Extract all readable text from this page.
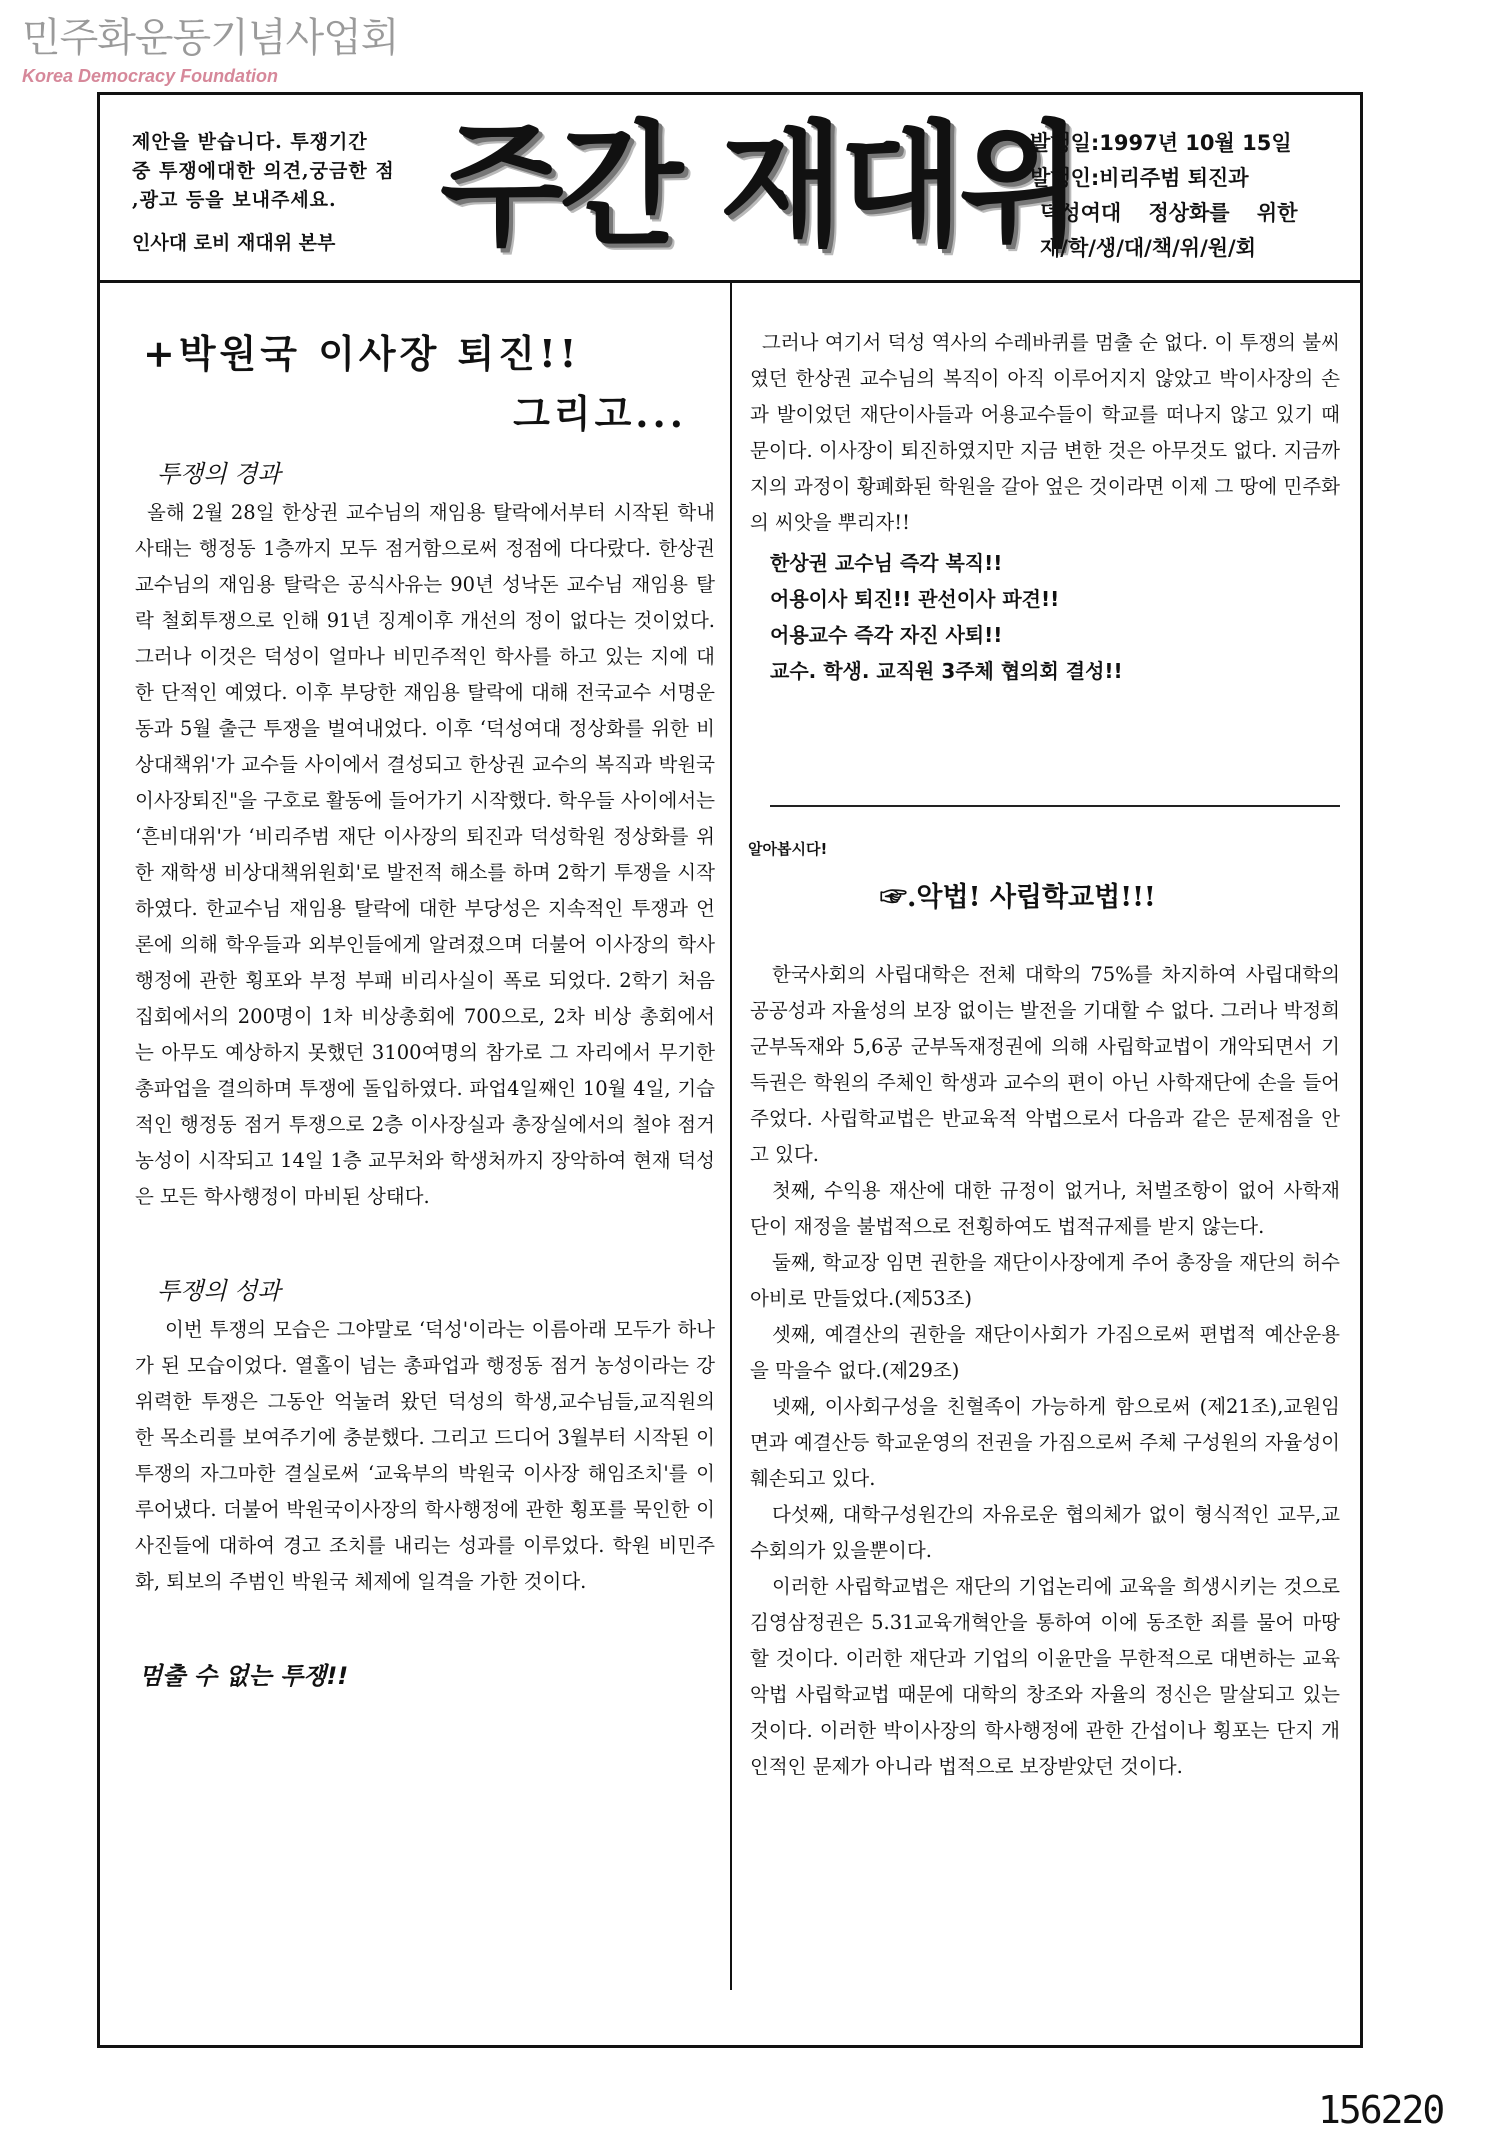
민주화운동기념사업회
Korea Democracy Foundation
제안을 받습니다. 투쟁기간
중 투쟁에대한 의견,궁금한 점
,광고 등을 보내주세요.
인사대 로비 재대위 본부 주간 재대위
발행일:1997년 10월 15일
발행인:비리주범 퇴진과
덕성여대 정상화를 위한
재/학/생/대/책/위/원/회
+박원국 이사장 퇴진!!
그리고...
투쟁의 경과

올해 2월 28일 한상권 교수님의 재임용 탈락에서부터 시작된 학내 사태는 행정동 1층까지 모두 점거함으로써 정점에 다다랐다. 한상권 교수님의 재임용 탈락은 공식사유는 90년 성낙돈 교수님 재임용 탈락 철회투쟁으로 인해 91년 징계이후 개선의 정이 없다는 것이었다. 그러나 이것은 덕성이 얼마나 비민주적인 학사를 하고 있는 지에 대한 단적인 예였다. 이후 부당한 재임용 탈락에 대해 전국교수 서명운동과 5월 출근 투쟁을 벌여내었다. 이후 ‘덕성여대 정상화를 위한 비상대책위'가 교수들 사이에서 결성되고 한상권 교수의 복직과 박원국 이사장퇴진"을 구호로 활동에 들어가기 시작했다. 학우들 사이에서는 ‘흔비대위'가 ‘비리주범 재단 이사장의 퇴진과 덕성학원 정상화를 위한 재학생 비상대책위원회'로 발전적 해소를 하며 2학기 투쟁을 시작하였다. 한교수님 재임용 탈락에 대한 부당성은 지속적인 투쟁과 언론에 의해 학우들과 외부인들에게 알려졌으며 더불어 이사장의 학사행정에 관한 횡포와 부정 부패 비리사실이 폭로 되었다. 2학기 처음 집회에서의 200명이 1차 비상총회에 700으로, 2차 비상 총회에서는 아무도 예상하지 못했던 3100여명의 참가로 그 자리에서 무기한 총파업을 결의하며 투쟁에 돌입하였다. 파업4일째인 10월 4일, 기습적인 행정동 점거 투쟁으로 2층 이사장실과 총장실에서의 철야 점거 농성이 시작되고 14일 1층 교무처와 학생처까지 장악하여 현재 덕성은 모든 학사행정이 마비된 상태다.

투쟁의 성과

이번 투쟁의 모습은 그야말로 ‘덕성'이라는 이름아래 모두가 하나가 된 모습이었다. 열홀이 넘는 총파업과 행정동 점거 농성이라는 강위력한 투쟁은 그동안 억눌려 왔던 덕성의 학생,교수님들,교직원의 한 목소리를 보여주기에 충분했다. 그리고 드디어 3월부터 시작된 이 투쟁의 자그마한 결실로써 ‘교육부의 박원국 이사장 해임조치'를 이루어냈다. 더불어 박원국이사장의 학사행정에 관한 횡포를 묵인한 이사진들에 대하여 경고 조치를 내리는 성과를 이루었다. 학원 비민주화, 퇴보의 주범인 박원국 체제에 일격을 가한 것이다.

멈출 수 없는 투쟁!!

그러나 여기서 덕성 역사의 수레바퀴를 멈출 순 없다. 이 투쟁의 불씨였던 한상권 교수님의 복직이 아직 이루어지지 않았고 박이사장의 손과 발이었던 재단이사들과 어용교수들이 학교를 떠나지 않고 있기 때문이다. 이사장이 퇴진하였지만 지금 변한 것은 아무것도 없다. 지금까지의 과정이 황폐화된 학원을 갈아 엎은 것이라면 이제 그 땅에 민주화의 씨앗을 뿌리자!!

한상권 교수님 즉각 복직!!
어용이사 퇴진!! 관선이사 파견!!
어용교수 즉각 자진 사퇴!!
교수. 학생. 교직원 3주체 협의회 결성!!
알아봅시다!
☞.악법! 사립학교법!!!
한국사회의 사립대학은 전체 대학의 75%를 차지하여 사립대학의 공공성과 자율성의 보장 없이는 발전을 기대할 수 없다. 그러나 박정희 군부독재와 5,6공 군부독재정권에 의해 사립학교법이 개악되면서 기득권은 학원의 주체인 학생과 교수의 편이 아닌 사학재단에 손을 들어주었다. 사립학교법은 반교육적 악법으로서 다음과 같은 문제점을 안고 있다.
첫째, 수익용 재산에 대한 규정이 없거나, 처벌조항이 없어 사학재단이 재정을 불법적으로 전횡하여도 법적규제를 받지 않는다.
둘째, 학교장 임면 권한을 재단이사장에게 주어 총장을 재단의 허수아비로 만들었다.(제53조)
셋째, 예결산의 권한을 재단이사회가 가짐으로써 편법적 예산운용을 막을수 없다.(제29조)
넷째, 이사회구성을 친혈족이 가능하게 함으로써 (제21조),교원임면과 예결산등 학교운영의 전권을 가짐으로써 주체 구성원의 자율성이 훼손되고 있다.
다섯째, 대학구성원간의 자유로운 협의체가 없이 형식적인 교무,교수회의가 있을뿐이다.
이러한 사립학교법은 재단의 기업논리에 교육을 희생시키는 것으로 김영삼정권은 5.31교육개혁안을 통하여 이에 동조한 죄를 물어 마땅할 것이다. 이러한 재단과 기업의 이윤만을 무한적으로 대변하는 교육악법 사립학교법 때문에 대학의 창조와 자율의 정신은 말살되고 있는 것이다. 이러한 박이사장의 학사행정에 관한 간섭이나 횡포는 단지 개인적인 문제가 아니라 법적으로 보장받았던 것이다.
156220
